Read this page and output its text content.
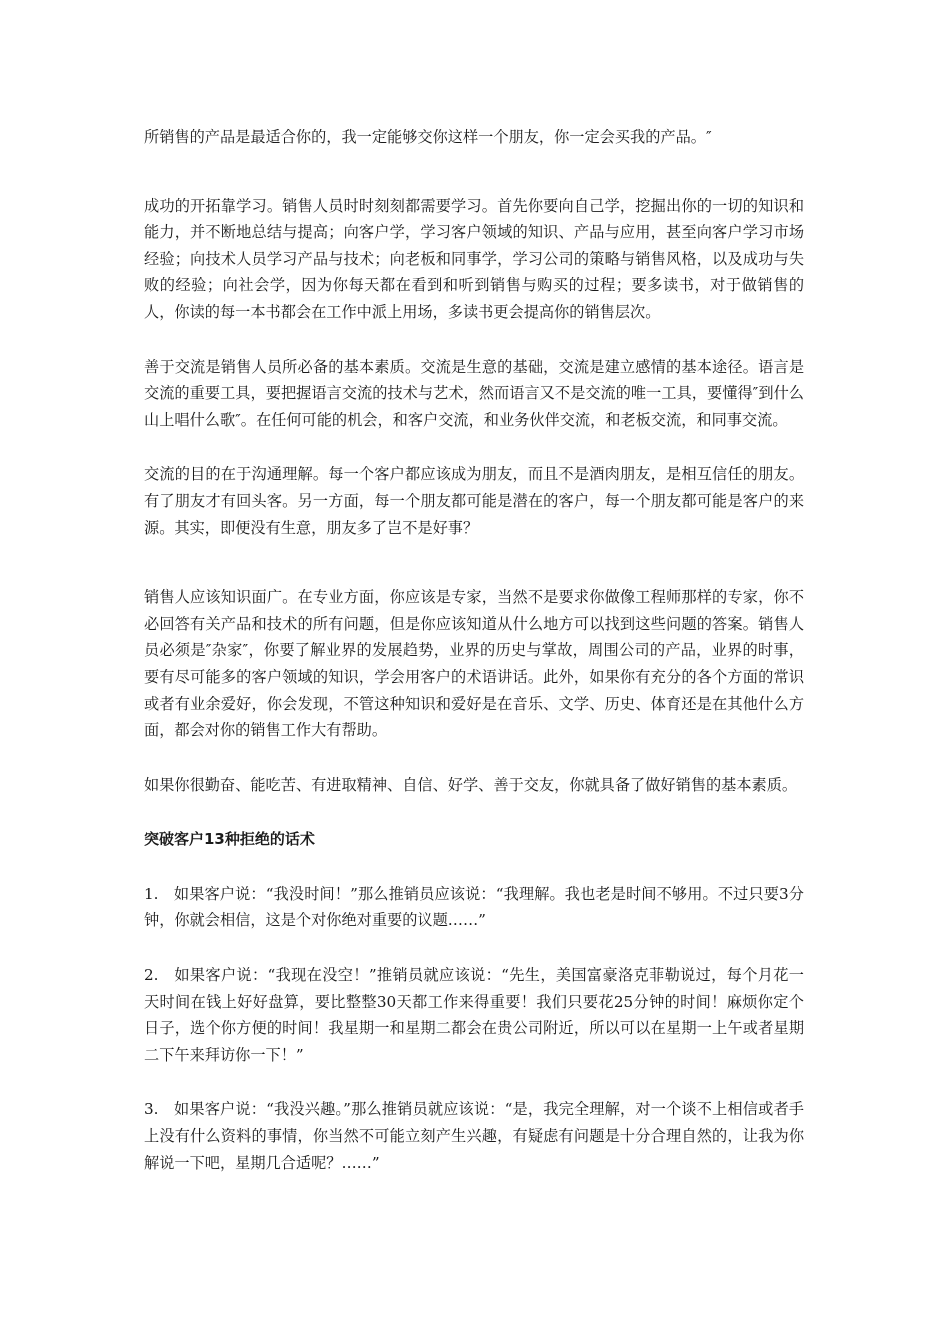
所销售的产品是最适合你的，我一定能够交你这样一个朋友，你一定会买我的产品。″

成功的开拓靠学习。销售人员时时刻刻都需要学习。首先你要向自己学，挖掘出你的一切的知识和能力，并不断地总结与提高；向客户学，学习客户领域的知识、产品与应用，甚至向客户学习市场经验；向技术人员学习产品与技术；向老板和同事学，学习公司的策略与销售风格，以及成功与失败的经验；向社会学，因为你每天都在看到和听到销售与购买的过程；要多读书，对于做销售的人，你读的每一本书都会在工作中派上用场，多读书更会提高你的销售层次。

善于交流是销售人员所必备的基本素质。交流是生意的基础，交流是建立感情的基本途径。语言是交流的重要工具，要把握语言交流的技术与艺术，然而语言又不是交流的唯一工具，要懂得″到什么山上唱什么歌″。在任何可能的机会，和客户交流，和业务伙伴交流，和老板交流，和同事交流。

交流的目的在于沟通理解。每一个客户都应该成为朋友，而且不是酒肉朋友，是相互信任的朋友。有了朋友才有回头客。另一方面，每一个朋友都可能是潜在的客户，每一个朋友都可能是客户的来源。其实，即便没有生意，朋友多了岂不是好事？

销售人应该知识面广。在专业方面，你应该是专家，当然不是要求你做像工程师那样的专家，你不必回答有关产品和技术的所有问题，但是你应该知道从什么地方可以找到这些问题的答案。销售人员必须是″杂家″，你要了解业界的发展趋势，业界的历史与掌故，周围公司的产品，业界的时事，要有尽可能多的客户领域的知识，学会用客户的术语讲话。此外，如果你有充分的各个方面的常识或者有业余爱好，你会发现，不管这种知识和爱好是在音乐、文学、历史、体育还是在其他什么方面，都会对你的销售工作大有帮助。

如果你很勤奋、能吃苦、有进取精神、自信、好学、善于交友，你就具备了做好销售的基本素质。

突破客户13种拒绝的话术

1.　如果客户说：“我没时间！”那么推销员应该说：“我理解。我也老是时间不够用。不过只要3分钟，你就会相信，这是个对你绝对重要的议题……”

2.　如果客户说：“我现在没空！”推销员就应该说：“先生，美国富豪洛克菲勒说过，每个月花一天时间在钱上好好盘算，要比整整30天都工作来得重要！我们只要花25分钟的时间！麻烦你定个日子，选个你方便的时间！我星期一和星期二都会在贵公司附近，所以可以在星期一上午或者星期二下午来拜访你一下！”

3.　如果客户说：“我没兴趣。”那么推销员就应该说：“是，我完全理解，对一个谈不上相信或者手上没有什么资料的事情，你当然不可能立刻产生兴趣，有疑虑有问题是十分合理自然的，让我为你解说一下吧，星期几合适呢？……”
